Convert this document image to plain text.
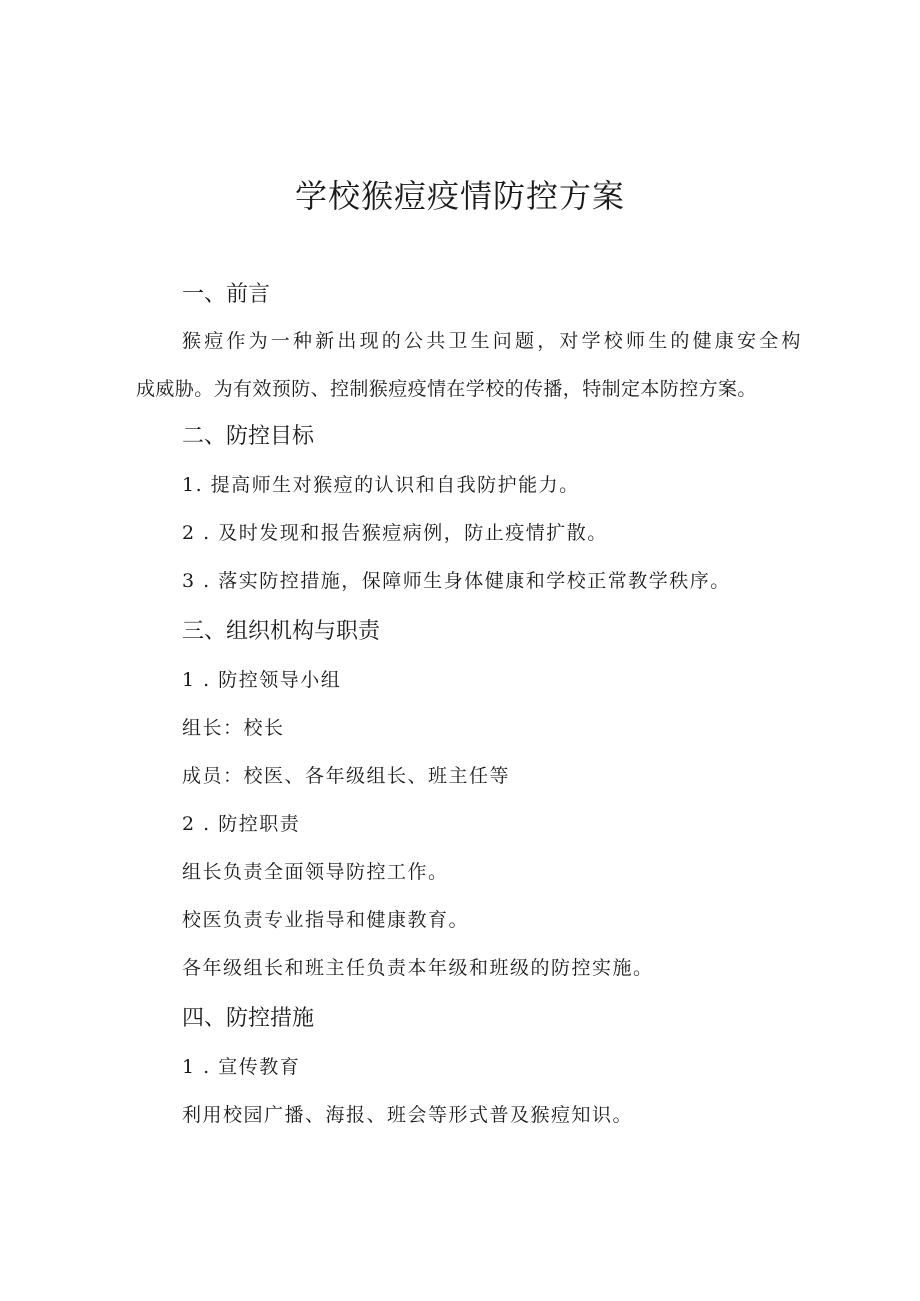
学校猴痘疫情防控方案

一、前言

猴痘作为一种新出现的公共卫生问题，对学校师生的健康安全构

成威胁。为有效预防、控制猴痘疫情在学校的传播，特制定本防控方案。

二、防控目标

1. 提高师生对猴痘的认识和自我防护能力。

2 . 及时发现和报告猴痘病例，防止疫情扩散。

3 . 落实防控措施，保障师生身体健康和学校正常教学秩序。

三、组织机构与职责

1 . 防控领导小组

组长：校长

成员：校医、各年级组长、班主任等

2 . 防控职责

组长负责全面领导防控工作。

校医负责专业指导和健康教育。

各年级组长和班主任负责本年级和班级的防控实施。

四、防控措施

1 . 宣传教育

利用校园广播、海报、班会等形式普及猴痘知识。
